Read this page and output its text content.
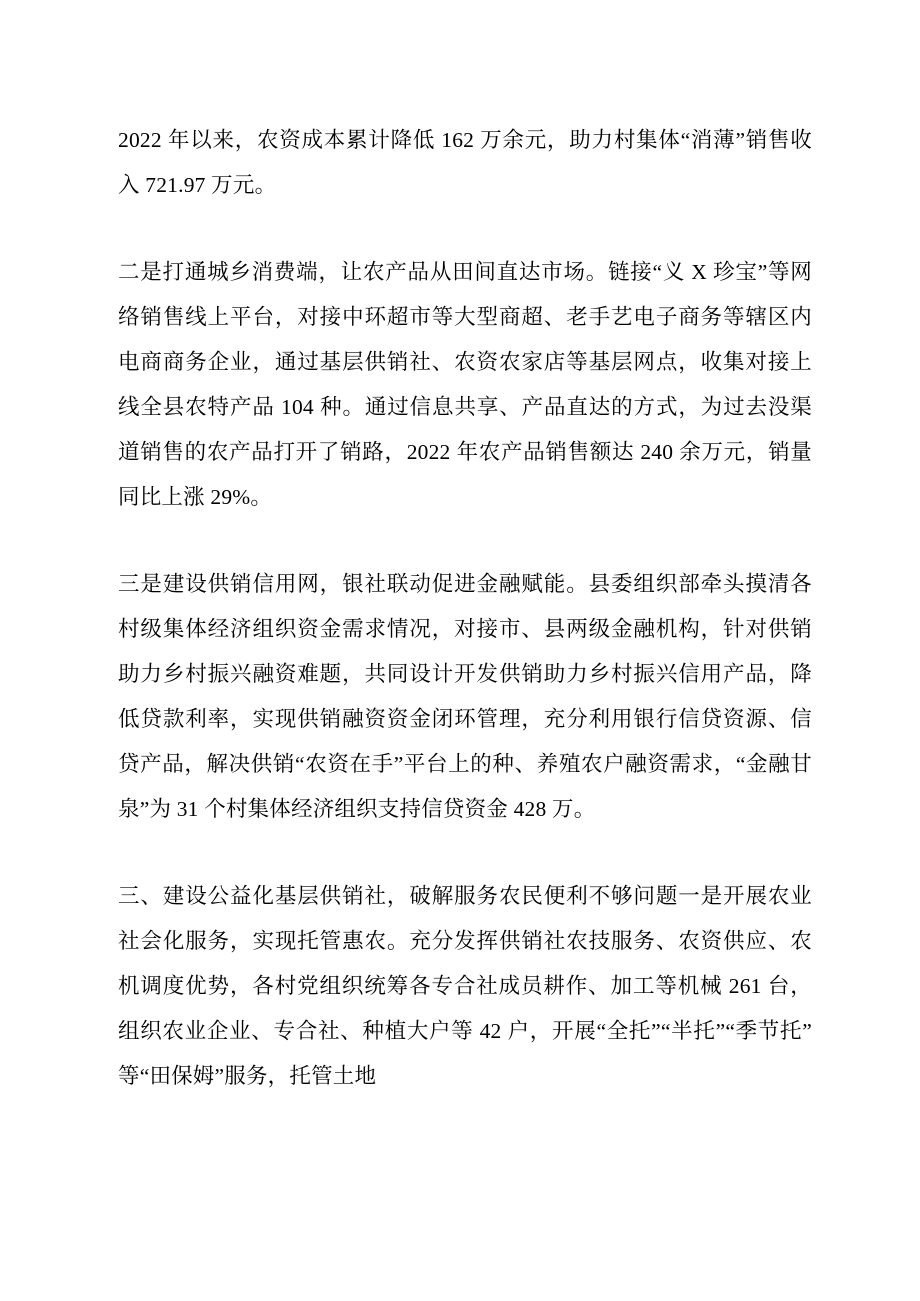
2022 年以来，农资成本累计降低 162 万余元，助力村集体“消薄”销售收入 721.97 万元。

二是打通城乡消费端，让农产品从田间直达市场。链接“义 X 珍宝”等网络销售线上平台，对接中环超市等大型商超、老手艺电子商务等辖区内电商商务企业，通过基层供销社、农资农家店等基层网点，收集对接上线全县农特产品 104 种。通过信息共享、产品直达的方式，为过去没渠道销售的农产品打开了销路，2022 年农产品销售额达 240 余万元，销量同比上涨 29%。

三是建设供销信用网，银社联动促进金融赋能。县委组织部牵头摸清各村级集体经济组织资金需求情况，对接市、县两级金融机构，针对供销助力乡村振兴融资难题，共同设计开发供销助力乡村振兴信用产品，降低贷款利率，实现供销融资资金闭环管理，充分利用银行信贷资源、信贷产品，解决供销“农资在手”平台上的种、养殖农户融资需求，“金融甘泉”为 31 个村集体经济组织支持信贷资金 428 万。

三、建设公益化基层供销社，破解服务农民便利不够问题一是开展农业社会化服务，实现托管惠农。充分发挥供销社农技服务、农资供应、农机调度优势，各村党组织统筹各专合社成员耕作、加工等机械 261 台，组织农业企业、专合社、种植大户等 42 户，开展“全托”“半托”“季节托”等“田保姆”服务，托管土地
